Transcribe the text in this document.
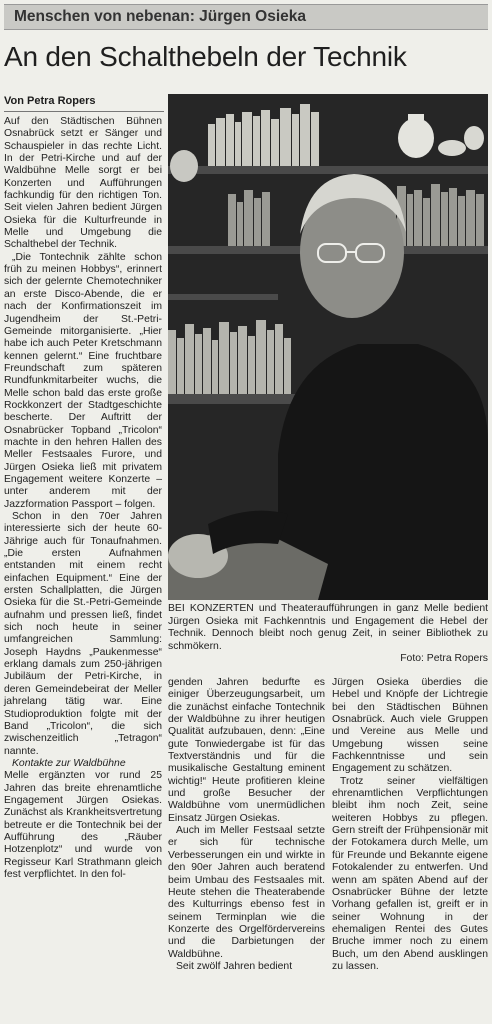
Menschen von nebenan: Jürgen Osieka
An den Schalthebeln der Technik
Von Petra Ropers

Auf den Städtischen Bühnen Osnabrück setzt er Sänger und Schauspieler in das rechte Licht. In der Petri-Kirche und auf der Waldbühne Melle sorgt er bei Konzerten und Aufführungen fachkundig für den richtigen Ton. Seit vielen Jahren bedient Jürgen Osieka für die Kulturfreunde in Melle und Umgebung die Schalthebel der Technik.

„Die Tontechnik zählte schon früh zu meinen Hobbys“, erinnert sich der gelernte Chemotechniker an erste Disco-Abende, die er nach der Konfirmationszeit im Jugendheim der St.-Petri-Gemeinde mitorganisierte. „Hier habe ich auch Peter Kretschmann kennen gelernt.“ Eine fruchtbare Freundschaft zum späteren Rundfunkmitarbeiter wuchs, die Melle schon bald das erste große Rockkonzert der Stadtgeschichte bescherte. Der Auftritt der Osnabrücker Topband „Tricolon“ machte in den hehren Hallen des Meller Festsaales Furore, und Jürgen Osieka ließ mit privatem Engagement weitere Konzerte – unter anderem mit der Jazzformation Passport – folgen.

Schon in den 70er Jahren interessierte sich der heute 60-Jährige auch für Tonaufnahmen. „Die ersten Aufnahmen entstanden mit einem recht einfachen Equipment.“ Eine der ersten Schallplatten, die Jürgen Osieka für die St.-Petri-Gemeinde aufnahm und pressen ließ, findet sich noch heute in seiner umfangreichen Sammlung: Joseph Haydns „Paukenmesse“ erklang damals zum 250-jährigen Jubiläum der Petri-Kirche, in deren Gemeindebeirat der Meller jahrelang tätig war. Eine Studioproduktion folgte mit der Band „Tricolon“, die sich zwischenzeitlich „Tetragon“ nannte.

Kontakte zur Waldbühne

Melle ergänzten vor rund 25 Jahren das breite ehrenamtliche Engagement Jürgen Osiekas. Zunächst als Krankheitsvertretung betreute er die Tontechnik bei der Aufführung des „Räuber Hotzenplotz“ und wurde von Regisseur Karl Strathmann gleich fest verpflichtet. In den fol-

BEI KONZERTEN und Theateraufführungen in ganz Melle bedient Jürgen Osieka mit Fachkenntnis und Engagement die Hebel der Technik. Dennoch bleibt noch genug Zeit, in seiner Bibliothek zu schmökern.
Foto: Petra Ropers

genden Jahren bedurfte es einiger Überzeugungsarbeit, um die zunächst einfache Tontechnik der Waldbühne zu ihrer heutigen Qualität aufzubauen, denn: „Eine gute Tonwiedergabe ist für das Textverständnis und für die musikalische Gestaltung eminent wichtig!“ Heute profitieren kleine und große Besucher der Waldbühne vom unermüdlichen Einsatz Jürgen Osiekas.

Auch im Meller Festsaal setzte er sich für technische Verbesserungen ein und wirkte in den 90er Jahren auch beratend beim Umbau des Festsaales mit. Heute stehen die Theaterabende des Kulturrings ebenso fest in seinem Terminplan wie die Konzerte des Orgelfördervereins und die Darbietungen der Waldbühne.

Seit zwölf Jahren bedient

Jürgen Osieka überdies die Hebel und Knöpfe der Lichtregie bei den Städtischen Bühnen Osnabrück. Auch viele Gruppen und Vereine aus Melle und Umgebung wissen seine Fachkenntnisse und sein Engagement zu schätzen.

Trotz seiner vielfältigen ehrenamtlichen Verpflichtungen bleibt ihm noch Zeit, seine weiteren Hobbys zu pflegen. Gern streift der Frühpensionär mit der Fotokamera durch Melle, um für Freunde und Bekannte eigene Fotokalender zu entwerfen. Und wenn am späten Abend auf der Osnabrücker Bühne der letzte Vorhang gefallen ist, greift er in seiner Wohnung in der ehemaligen Rentei des Gutes Bruche immer noch zu einem Buch, um den Abend ausklingen zu lassen.
